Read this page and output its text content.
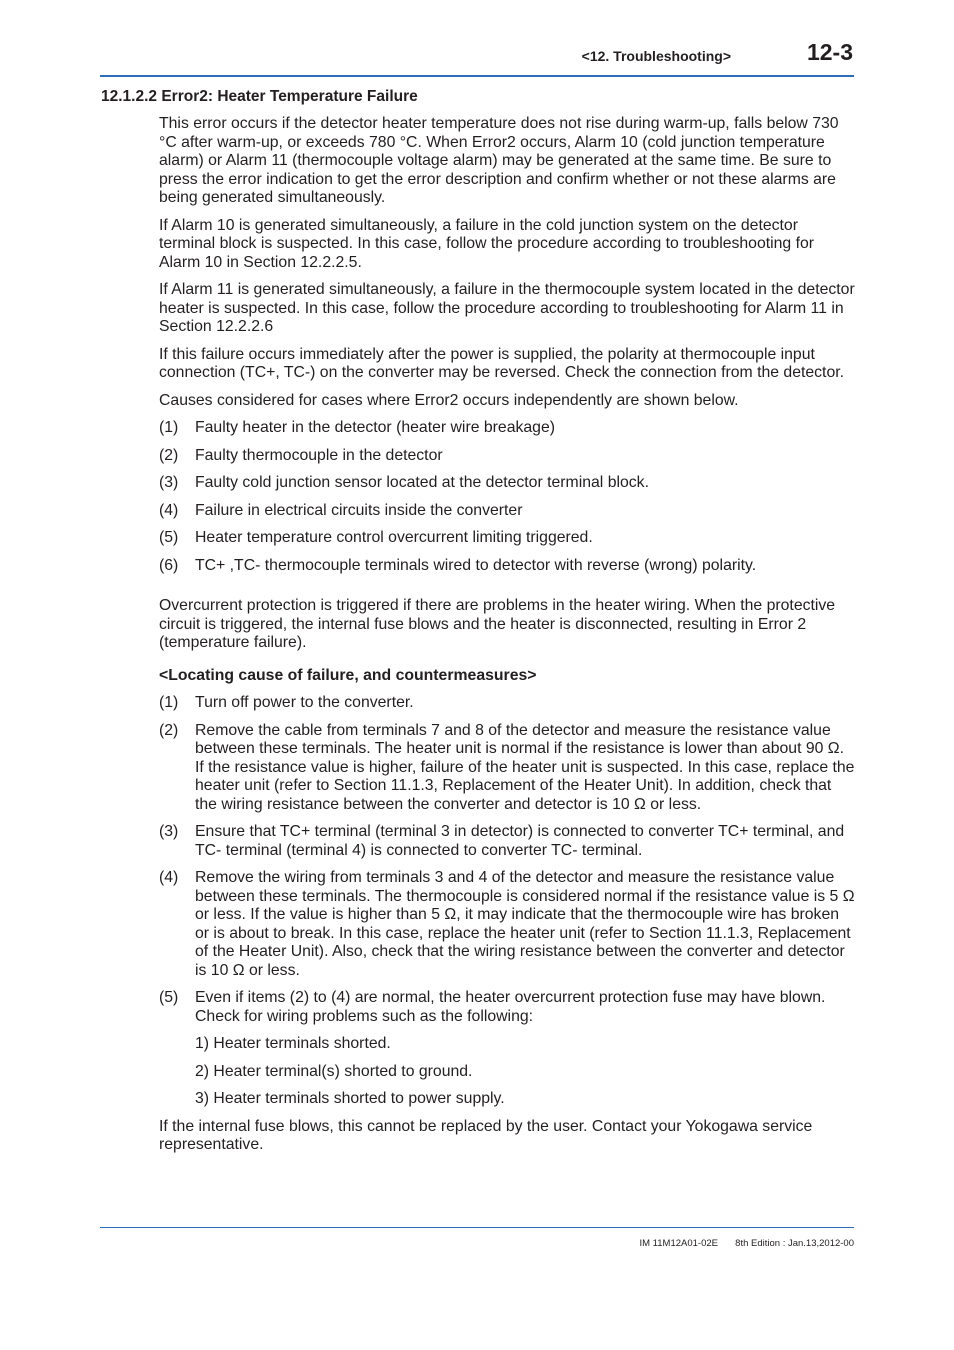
<12. Troubleshooting>	12-3
12.1.2.2 Error2: Heater Temperature Failure

This error occurs if the detector heater temperature does not rise during warm-up, falls below 730 °C after warm-up, or exceeds 780 °C. When Error2 occurs, Alarm 10 (cold junction temperature alarm) or Alarm 11 (thermocouple voltage alarm) may be generated at the same time. Be sure to press the error indication to get the error description and confirm whether or not these alarms are being generated simultaneously.

If Alarm 10 is generated simultaneously, a failure in the cold junction system on the detector terminal block is suspected. In this case, follow the procedure according to troubleshooting for Alarm 10 in Section 12.2.2.5.

If Alarm 11 is generated simultaneously, a failure in the thermocouple system located in the detector heater is suspected. In this case, follow the procedure according to troubleshooting for Alarm 11 in Section 12.2.2.6

If this failure occurs immediately after the power is supplied, the polarity at thermocouple input connection (TC+, TC-) on the converter may be reversed. Check the connection from the detector.

Causes considered for cases where Error2 occurs independently are shown below.

(1)	Faulty heater in the detector (heater wire breakage)
(2)	Faulty thermocouple in the detector
(3)	Faulty cold junction sensor located at the detector terminal block.
(4)	Failure in electrical circuits inside the converter
(5)	Heater temperature control overcurrent limiting triggered.
(6)	TC+ ,TC- thermocouple terminals wired to detector with reverse (wrong) polarity.

Overcurrent protection is triggered if there are problems in the heater wiring. When the protective circuit is triggered, the internal fuse blows and the heater is disconnected, resulting in Error 2 (temperature failure).

<Locating cause of failure, and countermeasures>
(1)	Turn off power to the converter.
(2)	Remove the cable from terminals 7 and 8 of the detector and measure the resistance value between these terminals. The heater unit is normal if the resistance is lower than about 90 Ω. If the resistance value is higher, failure of the heater unit is suspected. In this case, replace the heater unit (refer to Section 11.1.3, Replacement of the Heater Unit). In addition, check that the wiring resistance between the converter and detector is 10 Ω or less.
(3)	Ensure that TC+ terminal (terminal 3 in detector) is connected to converter TC+ terminal, and TC- terminal (terminal 4) is connected to converter TC- terminal.
(4)	Remove the wiring from terminals 3 and 4 of the detector and measure the resistance value between these terminals. The thermocouple is considered normal if the resistance value is 5 Ω or less. If the value is higher than 5 Ω, it may indicate that the thermocouple wire has broken or is about to break. In this case, replace the heater unit (refer to Section 11.1.3, Replacement of the Heater Unit). Also, check that the wiring resistance between the converter and detector is 10 Ω or less.
(5)	Even if items (2) to (4) are normal, the heater overcurrent protection fuse may have blown. Check for wiring problems such as the following:
1) Heater terminals shorted.
2) Heater terminal(s) shorted to ground.
3) Heater terminals shorted to power supply.

If the internal fuse blows, this cannot be replaced by the user. Contact your Yokogawa service representative.

IM 11M12A01-02E	8th Edition : Jan.13,2012-00
